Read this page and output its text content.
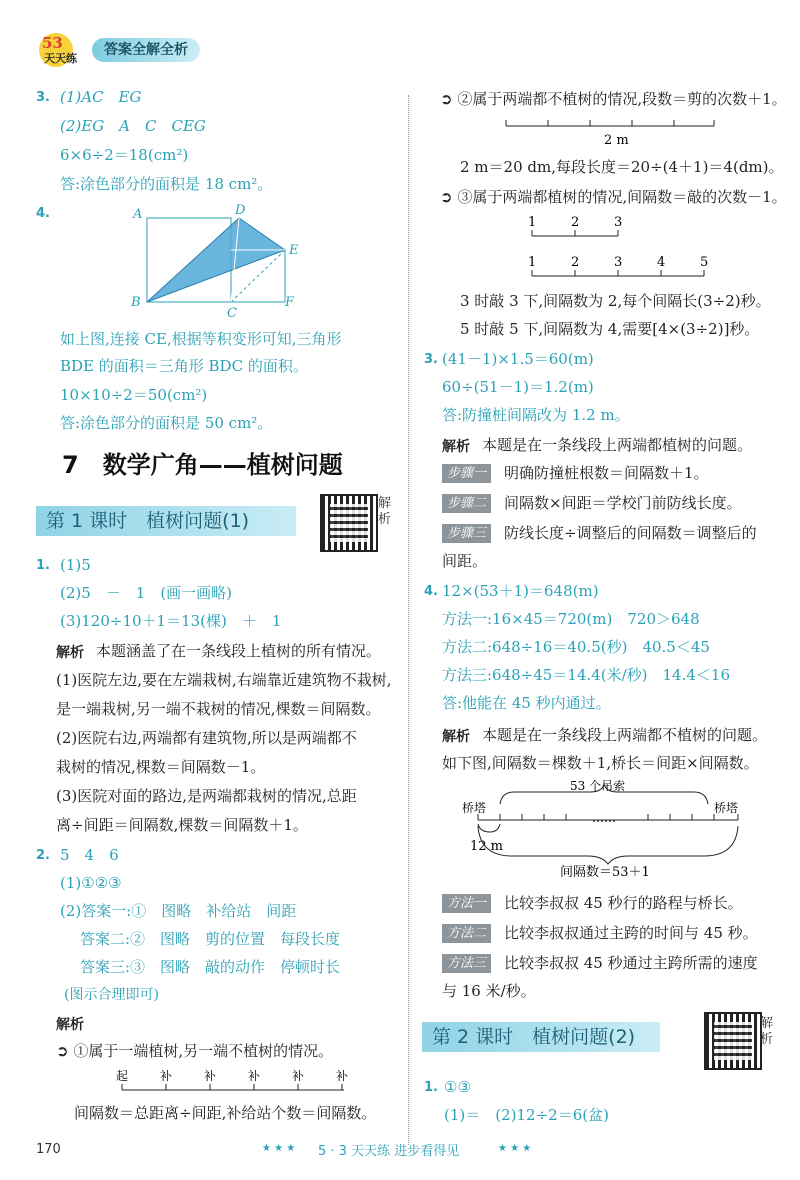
53
天天练
答案全解全析
3. (1)AC　EG
(2)EG　A　C　CEG
6×6÷2＝18(cm²)
答:涂色部分的面积是 18 cm²。
4.	A	D
E
B
C
F
如上图,连接 CE,根据等积变形可知,三角形
BDE 的面积＝三角形 BDC 的面积。
10×10÷2＝50(cm²)
答:涂色部分的面积是 50 cm²。
7　数学广角——植树问题
第 1 课时　植树问题(1)
解析
1. (1)5
(2)5　－　1　(画一画略)
(3)120÷10＋1＝13(棵)　＋　1
解析 本题涵盖了在一条线段上植树的所有情况。
(1)医院左边,要在左端栽树,右端靠近建筑物不栽树,
是一端栽树,另一端不栽树的情况,棵数＝间隔数。
(2)医院右边,两端都有建筑物,所以是两端都不
栽树的情况,棵数＝间隔数－1。
(3)医院对面的路边,是两端都栽树的情况,总距
离÷间距＝间隔数,棵数＝间隔数＋1。
2. 5　4　6
(1)①②③
(2)答案一:①　图略　补给站　间距
答案二:②　图略　剪的位置　每段长度
答案三:③　图略　敲的动作　停顿时长
(图示合理即可)
解析
➲ ①属于一端植树,另一端不植树的情况。
起	补	补	补	补	补
间隔数＝总距离÷间距,补给站个数＝间隔数。
➲ ②属于两端都不植树的情况,段数＝剪的次数＋1。
2 m
2 m＝20 dm,每段长度＝20÷(4＋1)＝4(dm)。
➲ ③属于两端都植树的情况,间隔数＝敲的次数－1。
1	2	3
1	2	3	4	5
3 时敲 3 下,间隔数为 2,每个间隔长(3÷2)秒。
5 时敲 5 下,间隔数为 4,需要[4×(3÷2)]秒。
3. (41－1)×1.5＝60(m)
60÷(51－1)＝1.2(m)
答:防撞桩间隔改为 1.2 m。
解析 本题是在一条线段上两端都植树的问题。
步骤一	明确防撞桩根数＝间隔数＋1。
步骤二	间隔数×间距＝学校门前防线长度。
步骤三	防线长度÷调整后的间隔数＝调整后的
间距。
4. 12×(53＋1)＝648(m)
方法一:16×45＝720(m)　720＞648
方法二:648÷16＝40.5(秒)　40.5＜45
方法三:648÷45＝14.4(米/秒)　14.4＜16
答:他能在 45 秒内通过。
解析 本题是在一条线段上两端都不植树的问题。
如下图,间隔数＝棵数＋1,桥长＝间距×间隔数。
53 个吊索
桥塔	桥塔
……
12 m
间隔数＝53＋1
方法一	比较李叔叔 45 秒行的路程与桥长。
方法二	比较李叔叔通过主跨的时间与 45 秒。
方法三	比较李叔叔 45 秒通过主跨所需的速度
与 16 米/秒。
第 2 课时　植树问题(2)
解析
1. ①③
(1)＝　(2)12÷2＝6(盆)
170	★ ★ ★ 5 · 3 天天练 进步看得见	★ ★ ★
